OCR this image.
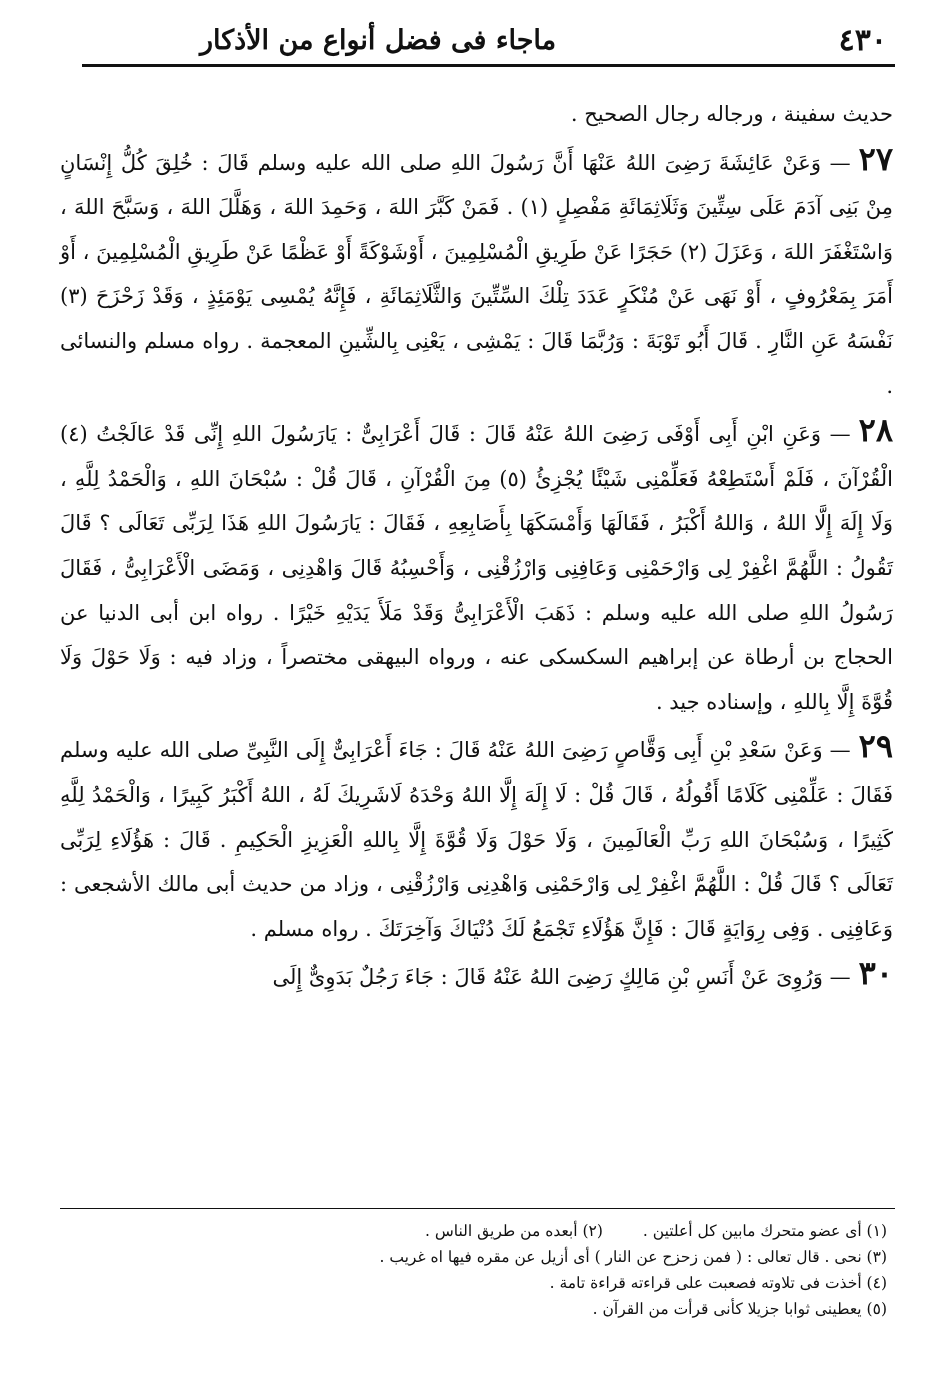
٤٣٠
ماجاء فى فضل أنواع من الأذكار

حديث سفينة ، ورجاله رجال الصحيح .

٢٧— وَعَنْ عَائِشَةَ رَضِىَ اللهُ عَنْهَا أَنَّ رَسُولَ اللهِ صلى الله عليه وسلم قَالَ : خُلِقَ كُلُّ إِنْسَانٍ مِنْ بَنِى آدَمَ عَلَى سِتِّينَ وَثَلَاثِمَائَةِ مَفْصِلٍ (١) . فَمَنْ كَبَّرَ اللهَ ، وَحَمِدَ اللهَ ، وَهَلَّلَ اللهَ ، وَسَبَّحَ اللهَ ، وَاسْتَغْفَرَ اللهَ ، وَعَزَلَ (٢) حَجَرًا عَنْ طَرِيقِ الْمُسْلِمِينَ ، أَوْشَوْكَةً أَوْ عَظْمًا عَنْ طَرِيقِ الْمُسْلِمِينَ ، أَوْ أَمَرَ بِمَعْرُوفٍ ، أَوْ نَهَى عَنْ مُنْكَرٍ عَدَدَ تِلْكَ السِّتِّينَ وَالثَّلَاثِمَائَةِ ، فَإِنَّهُ يُمْسِى يَوْمَئِذٍ ، وَقَدْ زَحْزَحَ (٣) نَفْسَهُ عَنِ النَّارِ . قَالَ أَبُو تَوْبَةَ : وَرُبَّمَا قَالَ : يَمْشِى ، يَعْنِى بِالشِّينِ المعجمة . رواه مسلم والنسائى .

٢٨— وَعَنِ ابْنِ أَبِى أَوْفَى رَضِىَ اللهُ عَنْهُ قَالَ : قَالَ أَعْرَابِىٌّ : يَارَسُولَ اللهِ إِنِّى قَدْ عَالَجْتُ (٤) الْقُرْآنَ ، فَلَمْ أَسْتَطِعْهُ فَعَلِّمْنِى شَيْئًا يُجْزِئُ (٥) مِنَ الْقُرْآنِ ، قَالَ قُلْ : سُبْحَانَ اللهِ ، وَالْحَمْدُ لِلَّهِ ، وَلَا إِلَهَ إِلَّا اللهُ ، وَاللهُ أَكْبَرُ ، فَقَالَهَا وَأَمْسَكَهَا بِأَصَابِعِهِ ، فَقَالَ : يَارَسُولَ اللهِ هَذَا لِرَبِّى تَعَالَى ؟ قَالَ تَقُولُ : اللَّهُمَّ اغْفِرْ لِى وَارْحَمْنِى وَعَافِنِى وَارْزُقْنِى ، وَأَحْسِبُهُ قَالَ وَاهْدِنِى ، وَمَضَى الْأَعْرَابِىُّ ، فَقَالَ رَسُولُ اللهِ صلى الله عليه وسلم : ذَهَبَ الْأَعْرَابِىُّ وَقَدْ مَلَأَ يَدَيْهِ خَيْرًا . رواه ابن أبى الدنيا عن الحجاج بن أرطاة عن إبراهيم السكسكى عنه ، ورواه البيهقى مختصراً ، وزاد فيه : وَلَا حَوْلَ وَلَا قُوَّةَ إِلَّا بِاللهِ ، وإسناده جيد .

٢٩— وَعَنْ سَعْدِ بْنِ أَبِى وَقَّاصٍ رَضِىَ اللهُ عَنْهُ قَالَ : جَاءَ أَعْرَابِىٌّ إِلَى النَّبِىِّ صلى الله عليه وسلم فَقَالَ : عَلِّمْنِى كَلَامًا أَقُولُهُ ، قَالَ قُلْ : لَا إِلَهَ إِلَّا اللهُ وَحْدَهُ لَاشَرِيكَ لَهُ ، اللهُ أَكْبَرُ كَبِيرًا ، وَالْحَمْدُ لِلَّهِ كَثِيرًا ، وَسُبْحَانَ اللهِ رَبِّ الْعَالَمِينَ ، وَلَا حَوْلَ وَلَا قُوَّةَ إِلَّا بِاللهِ الْعَزِيزِ الْحَكِيمِ . قَالَ : هَؤُلَاءِ لِرَبِّى تَعَالَى ؟ قَالَ قُلْ : اللَّهُمَّ اغْفِرْ لِى وَارْحَمْنِى وَاهْدِنِى وَارْزُقْنِى ، وزاد من حديث أبى مالك الأشجعى : وَعَافِنِى . وَفِى رِوَايَةٍ قَالَ : فَإِنَّ هَؤُلَاءِ تَجْمَعُ لَكَ دُنْيَاكَ وَآخِرَتَكَ . رواه مسلم .

٣٠— وَرُوِىَ عَنْ أَنَسِ بْنِ مَالِكٍ رَضِىَ اللهُ عَنْهُ قَالَ : جَاءَ رَجُلٌ بَدَوِىٌّ إِلَى

(١) أى عضو متحرك مابين كل أعلتين .
(٢) أبعده من طريق الناس .
(٣) نحى . قال تعالى : ( فمن زحزح عن النار ) أى أزيل عن مقره فيها اه غريب .
(٤) أخذت فى تلاوته فصعبت على قراءته قراءة تامة .
(٥) يعطينى ثوابا جزيلا كأنى قرأت من القرآن .
